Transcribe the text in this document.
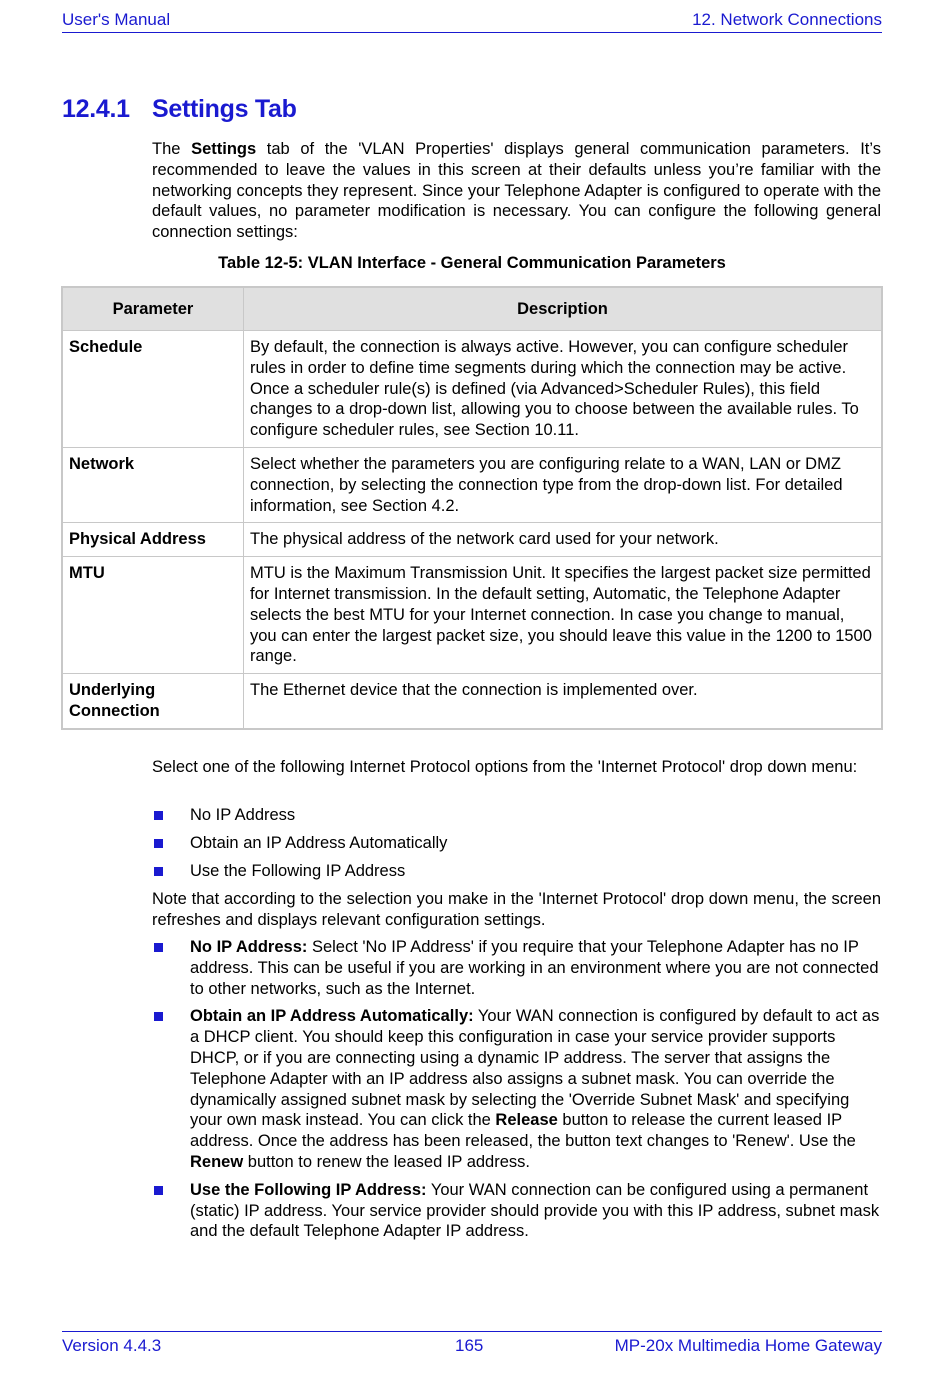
User's Manual	12. Network Connections
12.4.1 Settings Tab
The Settings tab of the 'VLAN Properties' displays general communication parameters. It’s recommended to leave the values in this screen at their defaults unless you’re familiar with the networking concepts they represent. Since your Telephone Adapter is configured to operate with the default values, no parameter modification is necessary. You can configure the following general connection settings:
Table 12-5: VLAN Interface - General Communication Parameters
Parameter	Description
Schedule	By default, the connection is always active. However, you can configure scheduler rules in order to define time segments during which the connection may be active. Once a scheduler rule(s) is defined (via Advanced>Scheduler Rules), this field changes to a drop-down list, allowing you to choose between the available rules. To configure scheduler rules, see Section 10.11.
Network	Select whether the parameters you are configuring relate to a WAN, LAN or DMZ connection, by selecting the connection type from the drop-down list. For detailed information, see Section 4.2.
Physical Address	The physical address of the network card used for your network.
MTU	MTU is the Maximum Transmission Unit. It specifies the largest packet size permitted for Internet transmission. In the default setting, Automatic, the Telephone Adapter selects the best MTU for your Internet connection. In case you change to manual, you can enter the largest packet size, you should leave this value in the 1200 to 1500 range.
Underlying Connection	The Ethernet device that the connection is implemented over.
Select one of the following Internet Protocol options from the 'Internet Protocol' drop down menu:
No IP Address
Obtain an IP Address Automatically
Use the Following IP Address
Note that according to the selection you make in the 'Internet Protocol' drop down menu, the screen refreshes and displays relevant configuration settings.
No IP Address: Select 'No IP Address' if you require that your Telephone Adapter has no IP address. This can be useful if you are working in an environment where you are not connected to other networks, such as the Internet.
Obtain an IP Address Automatically: Your WAN connection is configured by default to act as a DHCP client. You should keep this configuration in case your service provider supports DHCP, or if you are connecting using a dynamic IP address. The server that assigns the Telephone Adapter with an IP address also assigns a subnet mask. You can override the dynamically assigned subnet mask by selecting the 'Override Subnet Mask' and specifying your own mask instead. You can click the Release button to release the current leased IP address. Once the address has been released, the button text changes to 'Renew'. Use the Renew button to renew the leased IP address.
Use the Following IP Address: Your WAN connection can be configured using a permanent (static) IP address. Your service provider should provide you with this IP address, subnet mask and the default Telephone Adapter IP address.
Version 4.4.3	165	MP-20x Multimedia Home Gateway
